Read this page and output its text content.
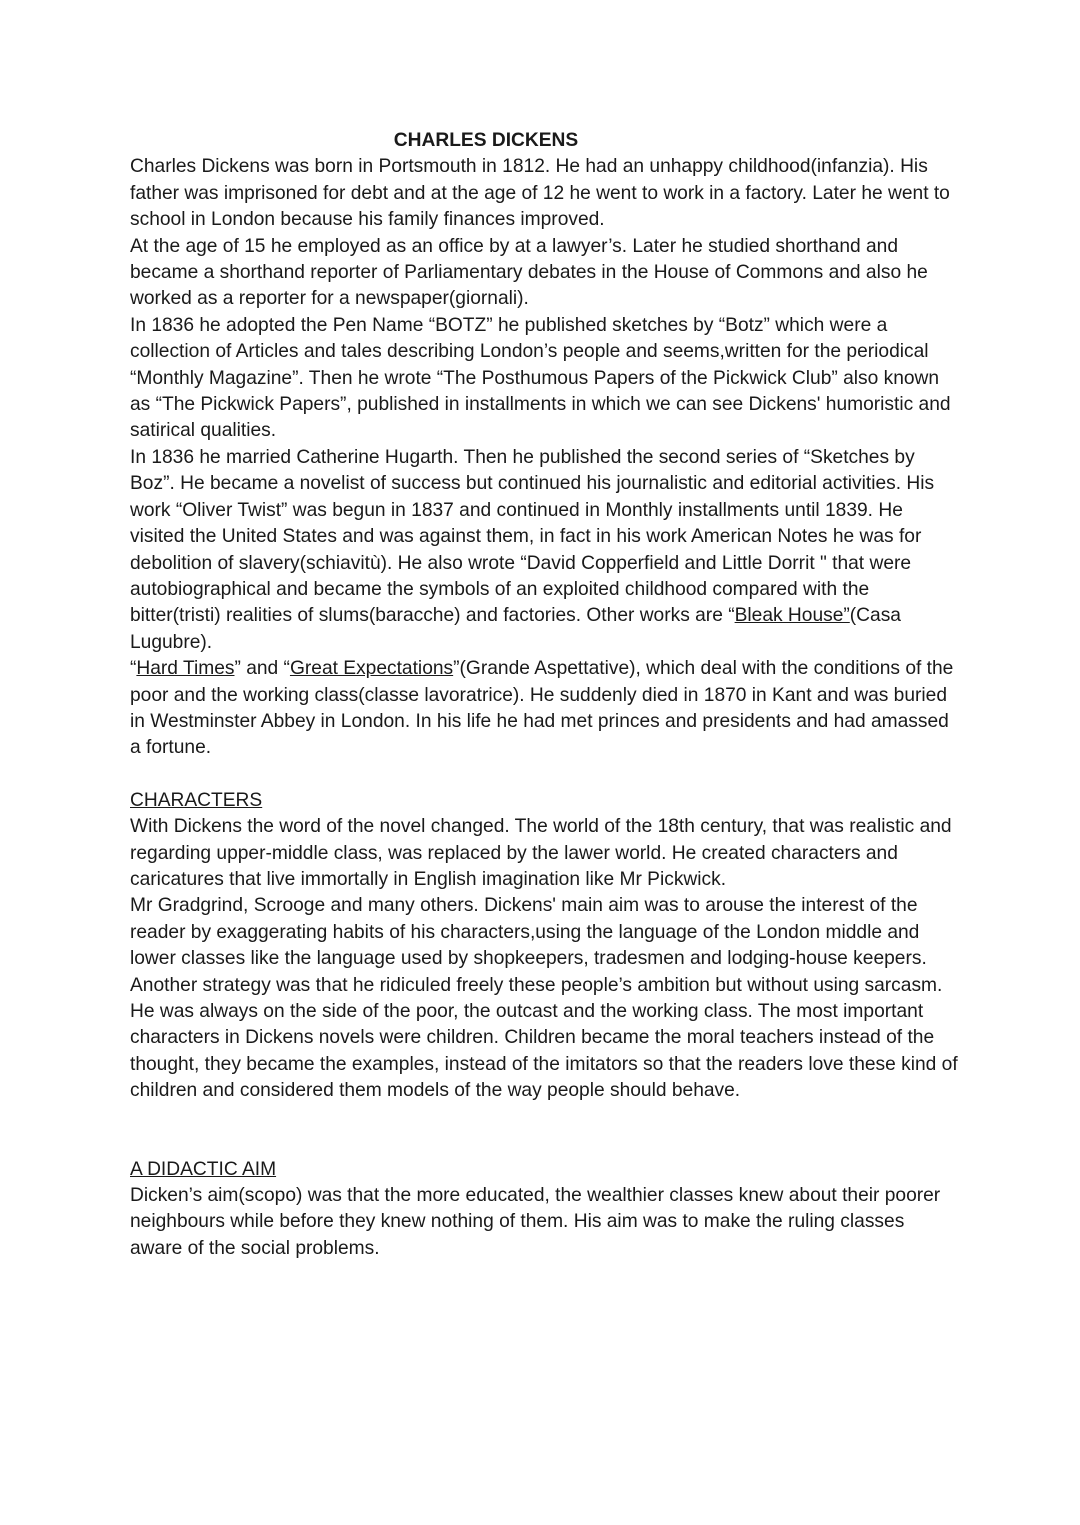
CHARLES DICKENS

Charles Dickens was born in Portsmouth in 1812. He had an unhappy childhood(infanzia). His father was imprisoned for debt and at the age of 12 he went to work in a factory. Later he went to school in London because his family finances improved.

At the age of 15 he employed as an office by at a lawyer’s. Later he studied shorthand and became a shorthand reporter of Parliamentary debates in the House of Commons and also he worked as a reporter for a newspaper(giornali).

In 1836 he adopted the Pen Name “BOTZ” he published sketches by “Botz” which were a collection of Articles and tales describing London’s people and seems,written for the periodical “Monthly Magazine”. Then he wrote “The Posthumous Papers of the Pickwick Club” also known as “The Pickwick Papers”, published in installments in which we can see Dickens' humoristic and satirical qualities.

In 1836 he married Catherine Hugarth. Then he published the second series of “Sketches by Boz”. He became a novelist of success but continued his journalistic and editorial activities. His work “Oliver Twist” was begun in 1837 and continued in Monthly installments until 1839. He visited the United States and was against them, in fact in his work American Notes he was for debolition of slavery(schiavitù). He also wrote “David Copperfield and Little Dorrit " that were autobiographical and became the symbols of an exploited childhood compared with the bitter(tristi) realities of slums(baracche) and factories. Other works are “Bleak House”(Casa Lugubre).

“Hard Times” and “Great Expectations”(Grande Aspettative), which deal with the conditions of the poor and the working class(classe lavoratrice). He suddenly died in 1870 in Kant and was buried in Westminster Abbey in London. In his life he had met princes and presidents and had amassed a fortune.

CHARACTERS

With Dickens the word of the novel changed. The world of the 18th century, that was realistic and regarding upper-middle class, was replaced by the lawer world. He created characters and caricatures that live immortally in English imagination like Mr Pickwick.

Mr Gradgrind, Scrooge and many others. Dickens' main aim was to arouse the interest of the reader by exaggerating habits of his characters,using the language of the London middle and lower classes like the language used by shopkeepers, tradesmen and lodging-house keepers. Another strategy was that he ridiculed freely these people’s ambition but without using sarcasm. He was always on the side of the poor, the outcast and the working class. The most important characters in Dickens novels were children. Children became the moral teachers instead of the thought, they became the examples, instead of the imitators so that the readers love these kind of children and considered them models of the way people should behave.

A DIDACTIC AIM

Dicken’s aim(scopo) was that the more educated, the wealthier classes knew about their poorer neighbours while before they knew nothing of them. His aim was to make the ruling classes aware of the social problems.
